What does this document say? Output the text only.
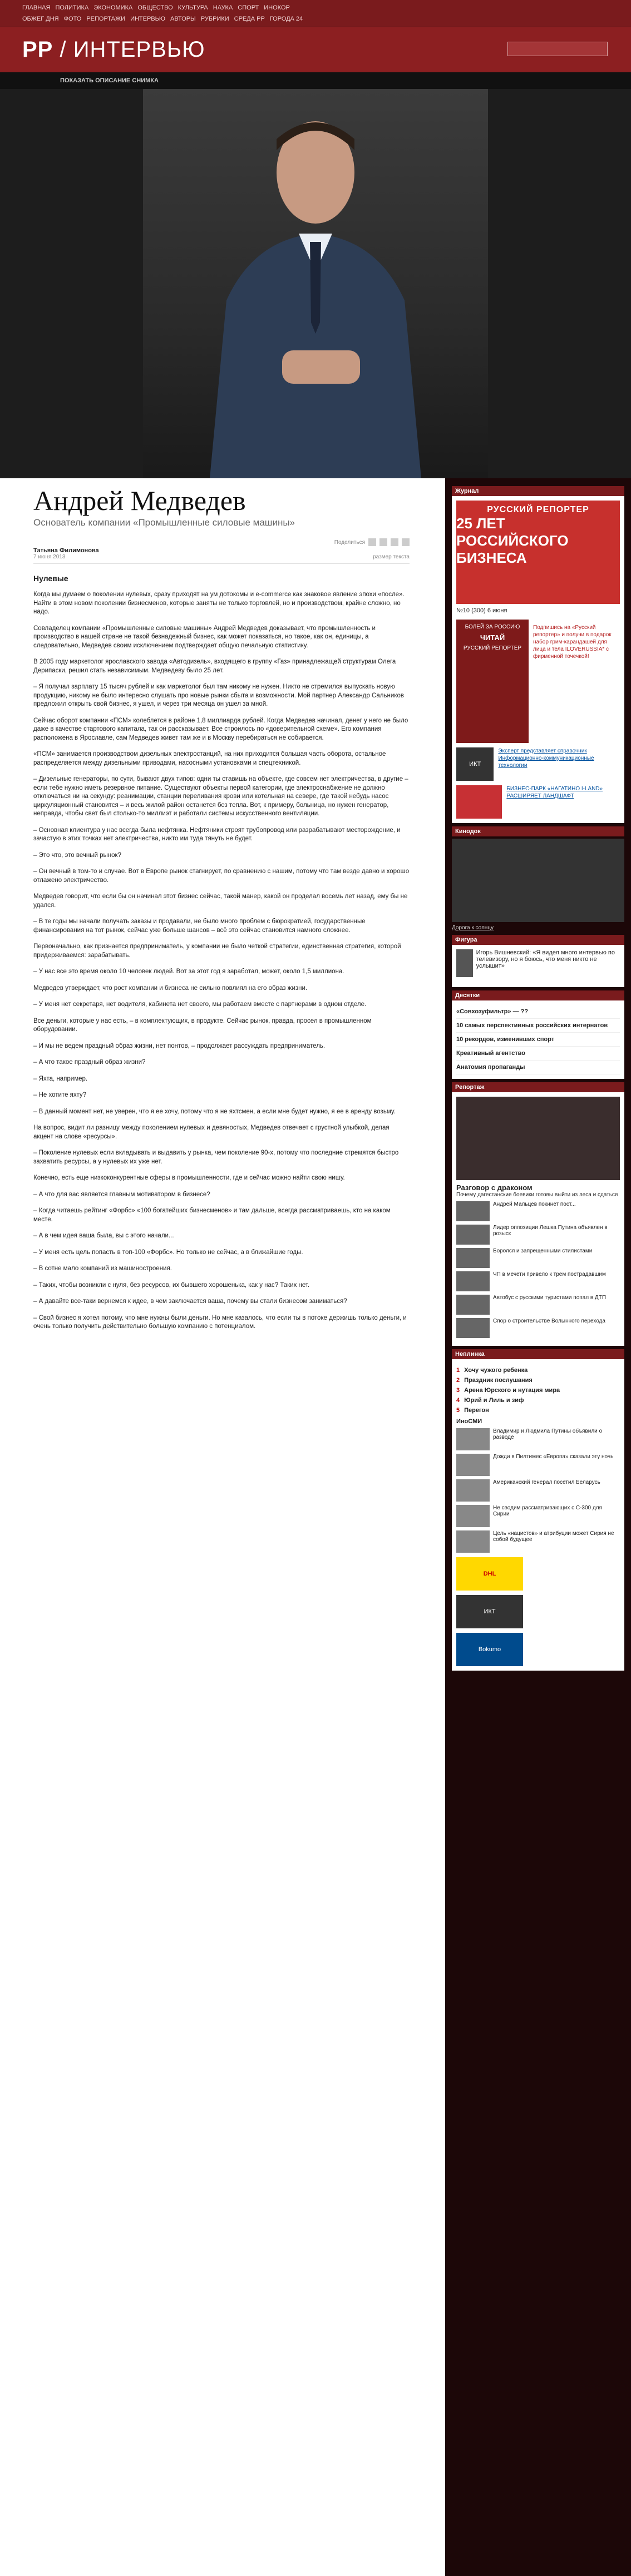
ГЛАВНАЯ ПОЛИТИКА ЭКОНОМИКА ОБЩЕСТВО КУЛЬТУРА НАУКА СПОРТ ИНОКОР
ОБЖЕГ ДНЯ ФОТО РЕПОРТАЖИ ИНТЕРВЬЮ АВТОРЫ РУБРИКИ СРЕДА РР ГОРОДА 24
РР / ИНТЕРВЬЮ
ПОКАЗАТЬ ОПИСАНИЕ СНИМКА
Андрей Медведев
Основатель компании «Промышленные силовые машины»
Поделиться
Татьяна Филимонова
7 июня 2013	размер текста
Нулевые

Когда мы думаем о поколении нулевых, сразу приходят на ум дотокомы и e-commerce как знаковое явление эпохи «после». Найти в этом новом поколении бизнесменов, которые заняты не только торговлей, но и производством, крайне сложно, но надо.

Совладелец компании «Промышленные силовые машины» Андрей Медведев доказывает, что промышленность и производство в нашей стране не такой безнадежный бизнес, как может показаться, но такое, как он, единицы, а следовательно, Медведев своим исключением подтверждает общую печальную статистику.

В 2005 году маркетолог ярославского завода «Автодизель», входящего в группу «Газ» принадлежащей структурам Олега Дерипаски, решил стать независимым. Медведеву было 25 лет.

– Я получал зарплату 15 тысяч рублей и как маркетолог был там никому не нужен. Никто не стремился выпускать новую продукцию, никому не было интересно слушать про новые рынки сбыта и возможности. Мой партнер Александр Сальников предложил открыть свой бизнес, я ушел, и через три месяца он ушел за мной.

Сейчас оборот компании «ПСМ» колеблется в районе 1,8 миллиарда рублей. Когда Медведев начинал, денег у него не было даже в качестве стартового капитала, так он рассказывает. Все строилось по «доверительной схеме». Его компания расположена в Ярославле, сам Медведев живет там же и в Москву перебираться не собирается.

«ПСМ» занимается производством дизельных электростанций, на них приходится большая часть оборота, остальное распределяется между дизельными приводами, насосными установками и спецтехникой.

– Дизельные генераторы, по сути, бывают двух типов: одни ты ставишь на объекте, где совсем нет электричества, в другие – если тебе нужно иметь резервное питание. Существуют объекты первой категории, где электроснабжение не должно отключаться ни на секунду: реанимации, станции переливания крови или котельная на севере, где такой небудь насос циркуляционный становится – и весь жилой район останется без тепла. Вот, к примеру, больница, но нужен генератор, неправда, чтобы свет был столько-то миллиэт и работали системы искусственного вентиляции.

– Основная клиентура у нас всегда была нефтянка. Нефтяники строят трубопровод или разрабатывают месторождение, и зачастую в этих точках нет электричества, никто им туда тянуть не будет.

– Это что, это вечный рынок?

– Он вечный в том-то и случае. Вот в Европе рынок стагнирует, по сравнению с нашим, потому что там везде давно и хорошо отлажено электричество.

Медведев говорит, что если бы он начинал этот бизнес сейчас, такой манер, какой он проделал восемь лет назад, ему бы не удался.

– В те годы мы начали получать заказы и продавали, не было много проблем с бюрократией, государственные финансирования на тот рынок, сейчас уже больше шансов – всё это сейчас становится намного сложнее.

Первоначально, как признается предприниматель, у компании не было четкой стратегии, единственная стратегия, которой придерживаемся: зарабатывать.

– У нас все это время около 10 человек людей. Вот за этот год я заработал, может, около 1,5 миллиона.

Медведев утверждает, что рост компании и бизнеса не сильно повлиял на его образ жизни.

– У меня нет секретаря, нет водителя, кабинета нет своего, мы работаем вместе с партнерами в одном отделе.

Все деньги, которые у нас есть, – в комплектующих, в продукте. Сейчас рынок, правда, просел в промышленном оборудовании.

– И мы не ведем праздный образ жизни, нет понтов, – продолжает рассуждать предприниматель.

– А что такое праздный образ жизни?

– Яхта, например.

– Не хотите яхту?

– В данный момент нет, не уверен, что я ее хочу, потому что я не яхтсмен, а если мне будет нужно, я ее в аренду возьму.

На вопрос, видит ли разницу между поколением нулевых и девяностых, Медведев отвечает с грустной улыбкой, делая акцент на слове «ресурсы».

– Поколение нулевых если вкладывать и выдавить у рынка, чем поколение 90-х, потому что последние стремятся быстро захватить ресурсы, а у нулевых их уже нет.

Конечно, есть еще низкоконкурентные сферы в промышленности, где и сейчас можно найти свою нишу.

– А что для вас является главным мотиватором в бизнесе?

– Когда читаешь рейтинг «Форбс» «100 богатейших бизнесменов» и там дальше, всегда рассматриваешь, кто на каком месте.

– А в чем идея ваша была, вы с этого начали...

– У меня есть цель попасть в топ-100 «Форбс». Но только не сейчас, а в ближайшие годы.

– В сотне мало компаний из машиностроения.

– Таких, чтобы возникли с нуля, без ресурсов, их бывшего хорошенька, как у нас? Таких нет.

– А давайте все-таки вернемся к идее, в чем заключается ваша, почему вы стали бизнесом заниматься?

– Свой бизнес я хотел потому, что мне нужны были деньги. Но мне казалось, что если ты в потоке держишь только деньги, и очень только получить действительно большую компанию с потенциалом.

Журнал
РУССКИЙ РЕПОРТЕР
25 ЛЕТ РОССИЙСКОГО БИЗНЕСА
№10 (300) 6 июня
БОЛЕЙ ЗА РОССИЮ
ЧИТАЙ
РУССКИЙ РЕПОРТЕР
Подпишись на «Русский репортер» и получи в подарок набор грим-карандашей для лица и тела ILOVERUSSIA* с фирменной точечкой!
ИКТ
Эксперт представляет справочник Информационно-коммуникационные технологии
БИЗНЕС-ПАРК «НАГАТИНО I-LAND» РАСШИРЯЕТ ЛАНДШАФТ
Кинодок
Дорога к солнцу
Фигура
Игорь Вишневский: «Я видел много интервью по телевизору, но я боюсь, что меня никто не услышит»
Десятки
«Совхозуфильтр» — ??
10 самых перспективных российских интернатов
10 рекордов, изменивших спорт
Креативный агентство
Анатомия пропаганды
Репортаж
Разговор с драконом
Почему дагестанские боевики готовы выйти из леса и сдаться
Андрей Мальцев покинет пост...
Лидер оппозиции Лешка Путина объявлен в розыск
Боролся и запрещенными стилистами
ЧП в мечети привело к трем пострадавшим
Автобус с русскими туристами попал в ДТП
Спор о строительстве Волынного перехода
Неплинка
1 Хочу чужого ребенка
2 Праздник послушания
3 Арена Юрского и нутация мира
4 Юрий и Лиль и зиф
5 Перегон
ИноСМИ
Владимир и Людмила Путины объявили о разводе
Дожди в Пилтимес «Европа» сказали эту ночь
Американский генерал посетил Беларусь
Не сводим рассматривающих с С-300 для Сирии
Цель «нацистов» и атрибуции может Сирия не собой будущее
DHL
ИКТ
Bokumo
